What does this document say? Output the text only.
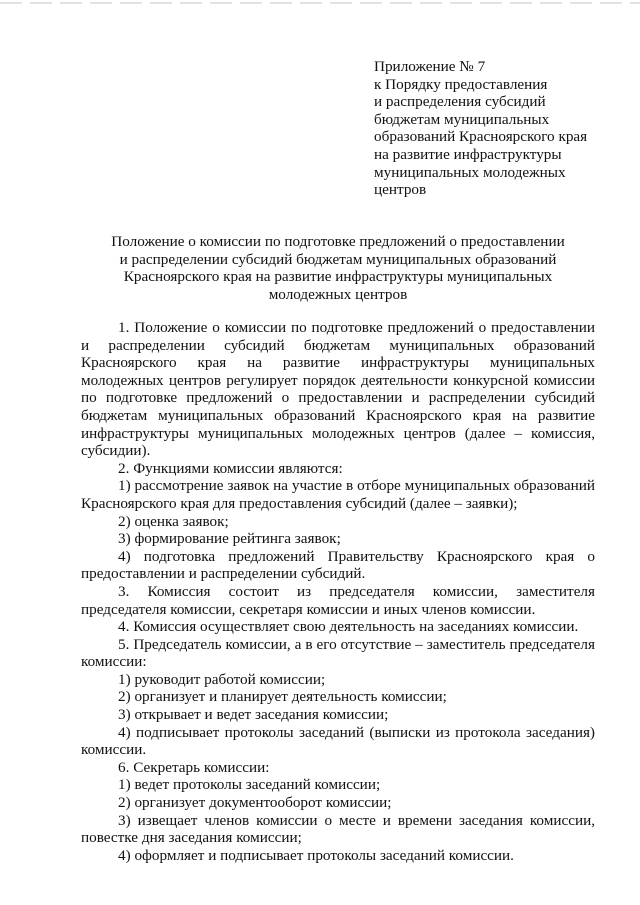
Приложение № 7
к Порядку предоставления
и распределения субсидий
бюджетам муниципальных
образований Красноярского края
на развитие инфраструктуры
муниципальных молодежных
центров
Положение о комиссии по подготовке предложений о предоставлении
и распределении субсидий бюджетам муниципальных образований
Красноярского края на развитие инфраструктуры муниципальных
молодежных центров

1. Положение о комиссии по подготовке предложений о предоставлении и распределении субсидий бюджетам муниципальных образований Красноярского края на развитие инфраструктуры муниципальных молодежных центров регулирует порядок деятельности конкурсной комиссии по подготовке предложений о предоставлении и распределении субсидий бюджетам муниципальных образований Красноярского края на развитие инфраструктуры муниципальных молодежных центров (далее – комиссия, субсидии).

2. Функциями комиссии являются:

1) рассмотрение заявок на участие в отборе муниципальных образований Красноярского края для предоставления субсидий (далее – заявки);

2) оценка заявок;

3) формирование рейтинга заявок;

4) подготовка предложений Правительству Красноярского края о предоставлении и распределении субсидий.

3. Комиссия состоит из председателя комиссии, заместителя председателя комиссии, секретаря комиссии и иных членов комиссии.

4. Комиссия осуществляет свою деятельность на заседаниях комиссии.

5. Председатель комиссии, а в его отсутствие – заместитель председателя комиссии:

1) руководит работой комиссии;

2) организует и планирует деятельность комиссии;

3) открывает и ведет заседания комиссии;

4) подписывает протоколы заседаний (выписки из протокола заседания) комиссии.

6. Секретарь комиссии:

1) ведет протоколы заседаний комиссии;

2) организует документооборот комиссии;

3) извещает членов комиссии о месте и времени заседания комиссии, повестке дня заседания комиссии;

4) оформляет и подписывает протоколы заседаний комиссии.
